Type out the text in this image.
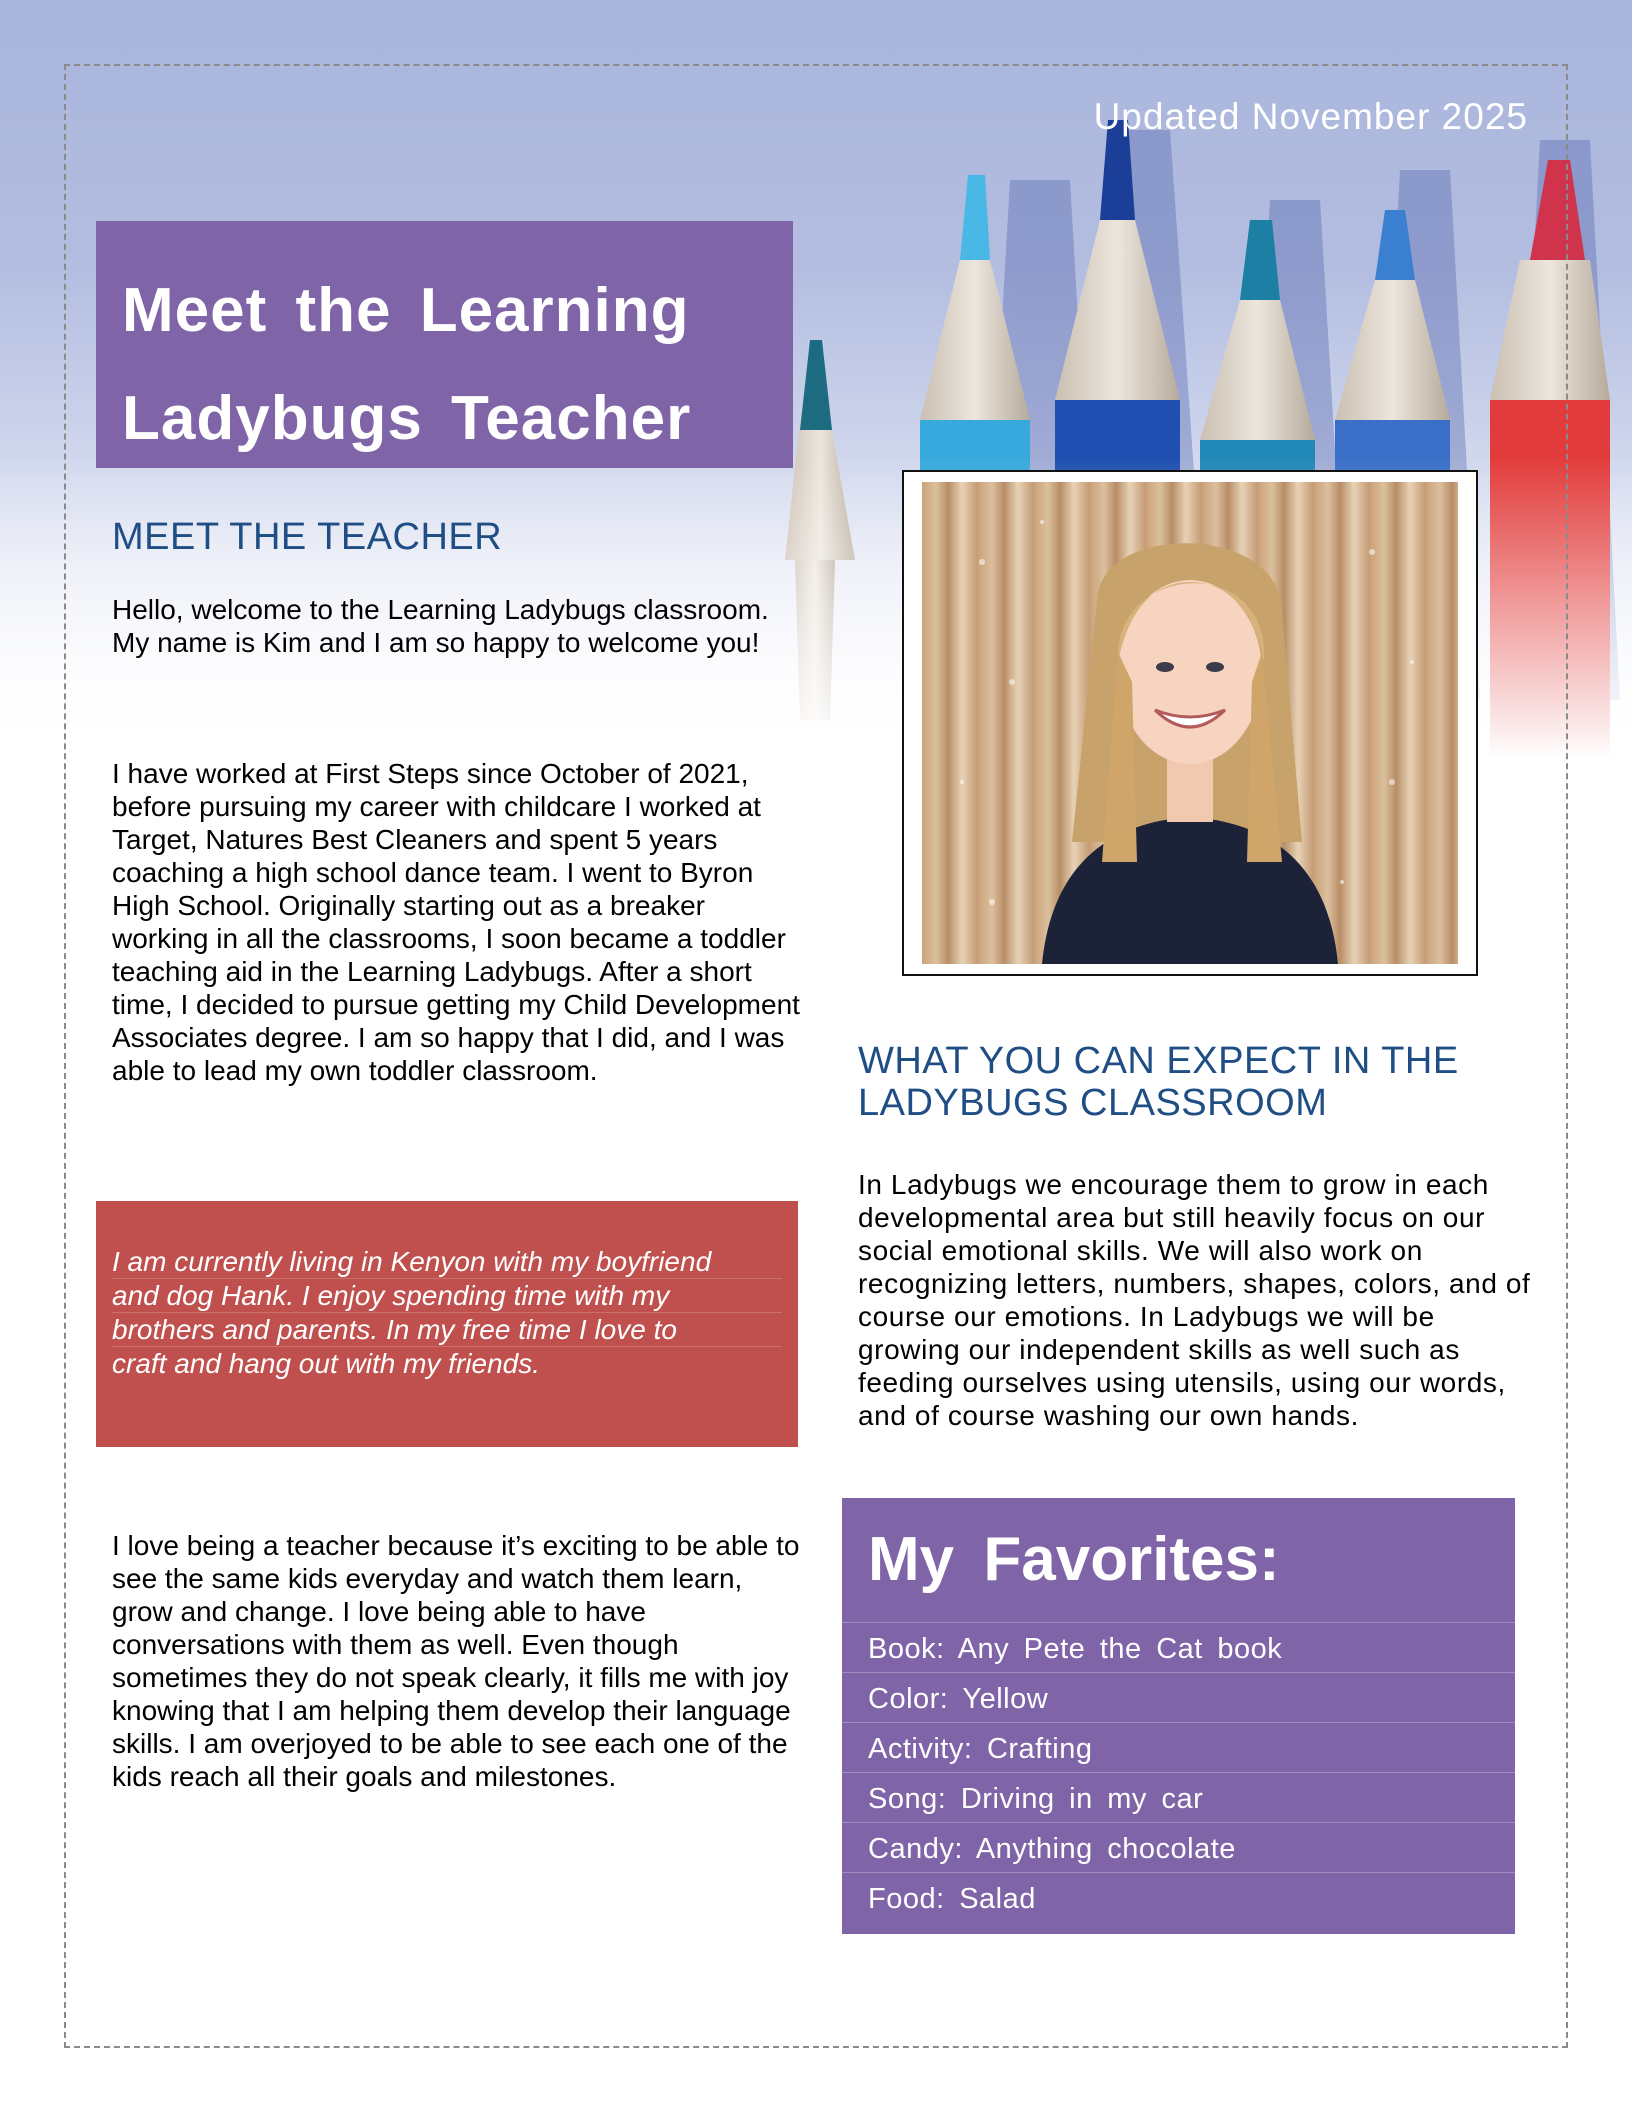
Updated November 2025
Meet the Learning
Ladybugs Teacher
MEET THE TEACHER
Hello, welcome to the Learning Ladybugs classroom. My name is Kim and I am so happy to welcome you!
I have worked at First Steps since October of 2021, before pursuing my career with childcare I worked at Target, Natures Best Cleaners and spent 5 years coaching a high school dance team. I went to Byron High School. Originally starting out as a breaker working in all the classrooms, I soon became a toddler teaching aid in the Learning Ladybugs. After a short time, I decided to pursue getting my Child Development Associates degree. I am so happy that I did, and I was able to lead my own toddler classroom.
I am currently living in Kenyon with my boyfriend
and dog Hank. I enjoy spending time with my
brothers and parents. In my free time I love to
craft and hang out with my friends.
I love being a teacher because it’s exciting to be able to see the same kids everyday and watch them learn, grow and change. I love being able to have conversations with them as well. Even though sometimes they do not speak clearly, it fills me with joy knowing that I am helping them develop their language skills. I am overjoyed to be able to see each one of the kids reach all their goals and milestones.
WHAT YOU CAN EXPECT IN THE
LADYBUGS CLASSROOM
In Ladybugs we encourage them to grow in each developmental area but still heavily focus on our social emotional skills. We will also work on recognizing letters, numbers, shapes, colors, and of course our emotions. In Ladybugs we will be growing our independent skills as well such as feeding ourselves using utensils, using our words, and of course washing our own hands.
My Favorites:
Book: Any Pete the Cat book
Color: Yellow
Activity: Crafting
Song: Driving in my car
Candy: Anything chocolate
Food: Salad
